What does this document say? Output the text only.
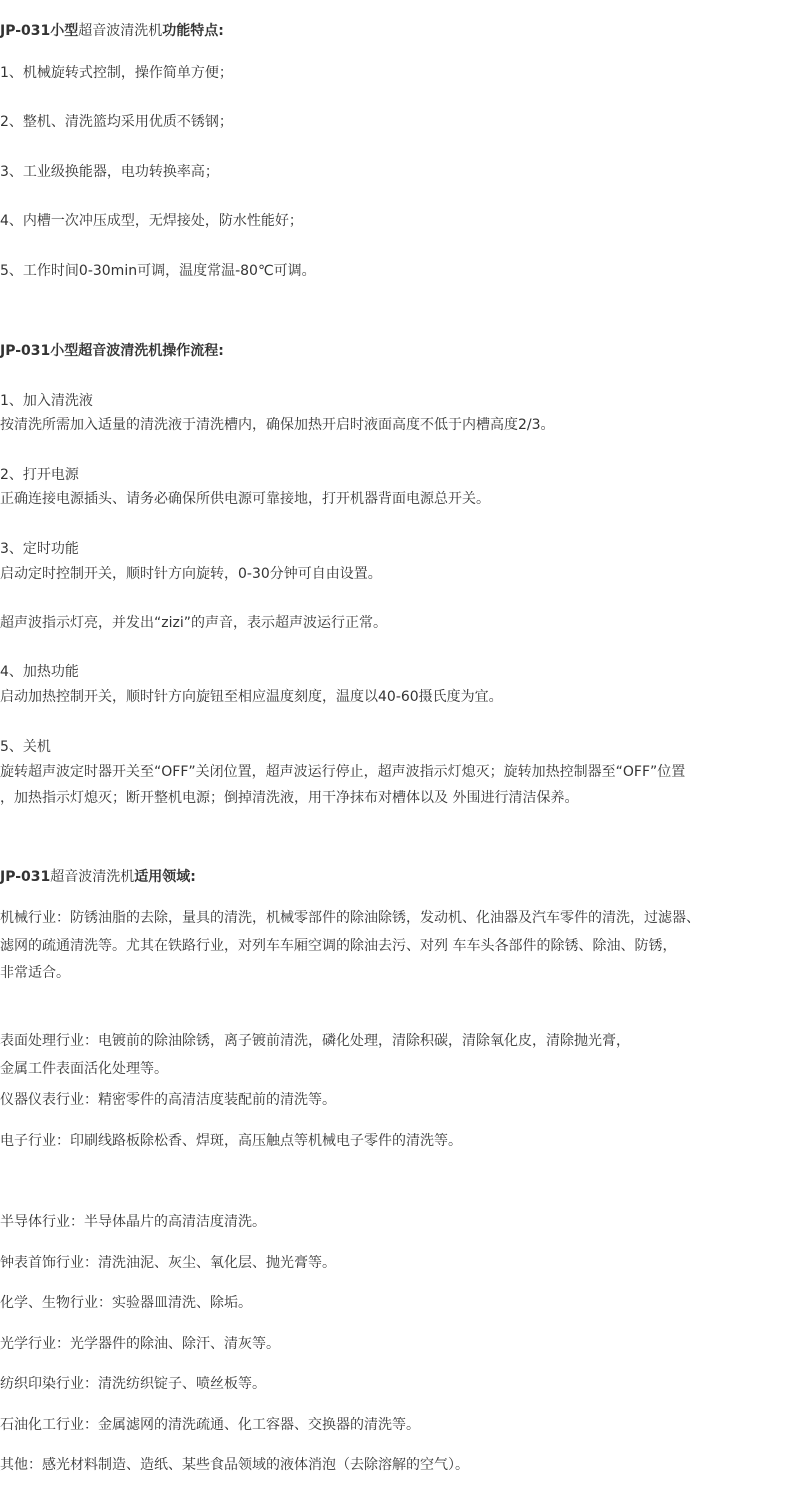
JP-031小型超音波清洗机功能特点:
1、机械旋转式控制，操作简单方便；
2、整机、清洗篮均采用优质不锈钢；
3、工业级换能器，电功转换率高；
4、内槽一次冲压成型，无焊接处，防水性能好；
5、工作时间0-30min可调，温度常温-80℃可调。
JP-031小型超音波清洗机操作流程:
1、加入清洗液
按清洗所需加入适量的清洗液于清洗槽内，确保加热开启时液面高度不低于内槽高度2/3。
2、打开电源
正确连接电源插头、请务必确保所供电源可靠接地，打开机器背面电源总开关。
3、定时功能
启动定时控制开关，顺时针方向旋转，0-30分钟可自由设置。
超声波指示灯亮，并发出“zizi”的声音，表示超声波运行正常。
4、加热功能
启动加热控制开关，顺时针方向旋钮至相应温度刻度，温度以40-60摄氏度为宜。
5、关机
旋转超声波定时器开关至“OFF”关闭位置，超声波运行停止，超声波指示灯熄灭；旋转加热控制器至“OFF”位置
，加热指示灯熄灭；断开整机电源；倒掉清洗液，用干净抹布对槽体以及 外围进行清洁保养。
JP-031超音波清洗机适用领域:
机械行业：防锈油脂的去除，量具的清洗，机械零部件的除油除锈，发动机、化油器及汽车零件的清洗，过滤器、
滤网的疏通清洗等。尤其在铁路行业，对列车车厢空调的除油去污、对列 车车头各部件的除锈、除油、防锈，
非常适合。
表面处理行业：电镀前的除油除锈，离子镀前清洗，磷化处理，清除积碳，清除氧化皮，清除抛光膏，
金属工件表面活化处理等。
仪器仪表行业：精密零件的高清洁度装配前的清洗等。
电子行业：印刷线路板除松香、焊斑，高压触点等机械电子零件的清洗等。
半导体行业：半导体晶片的高清洁度清洗。
钟表首饰行业：清洗油泥、灰尘、氧化层、抛光膏等。
化学、生物行业：实验器皿清洗、除垢。
光学行业：光学器件的除油、除汗、清灰等。
纺织印染行业：清洗纺织锭子、喷丝板等。
石油化工行业：金属滤网的清洗疏通、化工容器、交换器的清洗等。
其他：感光材料制造、造纸、某些食品领域的液体消泡（去除溶解的空气）。
